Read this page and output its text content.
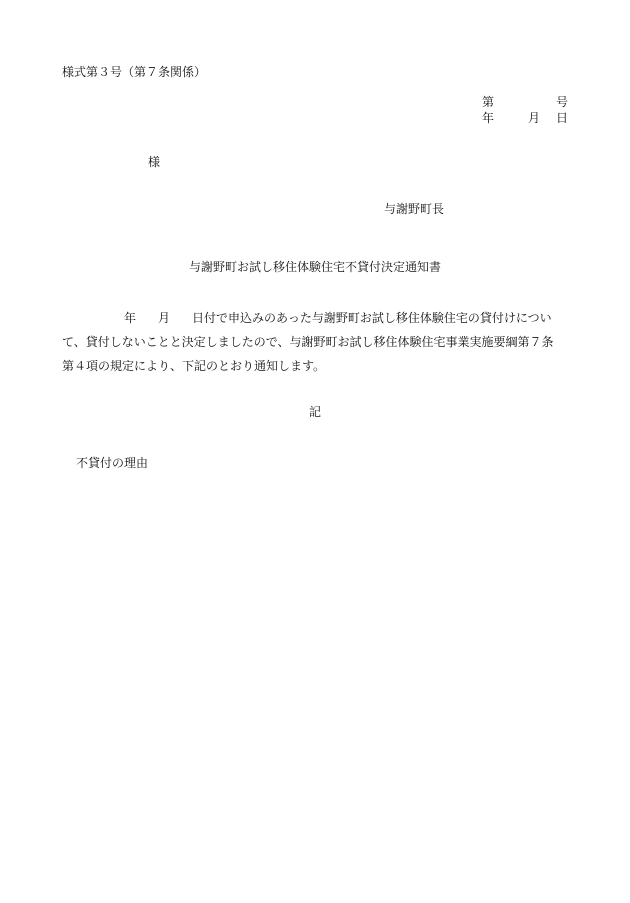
様式第３号（第７条関係）
第	号
年	月 日
様
与謝野町長
与謝野町お試し移住体験住宅不貸付決定通知書
年 月 日付で申込みのあった与謝野町お試し移住体験住宅の貸付けについ
て、貸付しないことと決定しましたので、与謝野町お試し移住体験住宅事業実施要綱第７条
第４項の規定により、下記のとおり通知します。
記
不貸付の理由
